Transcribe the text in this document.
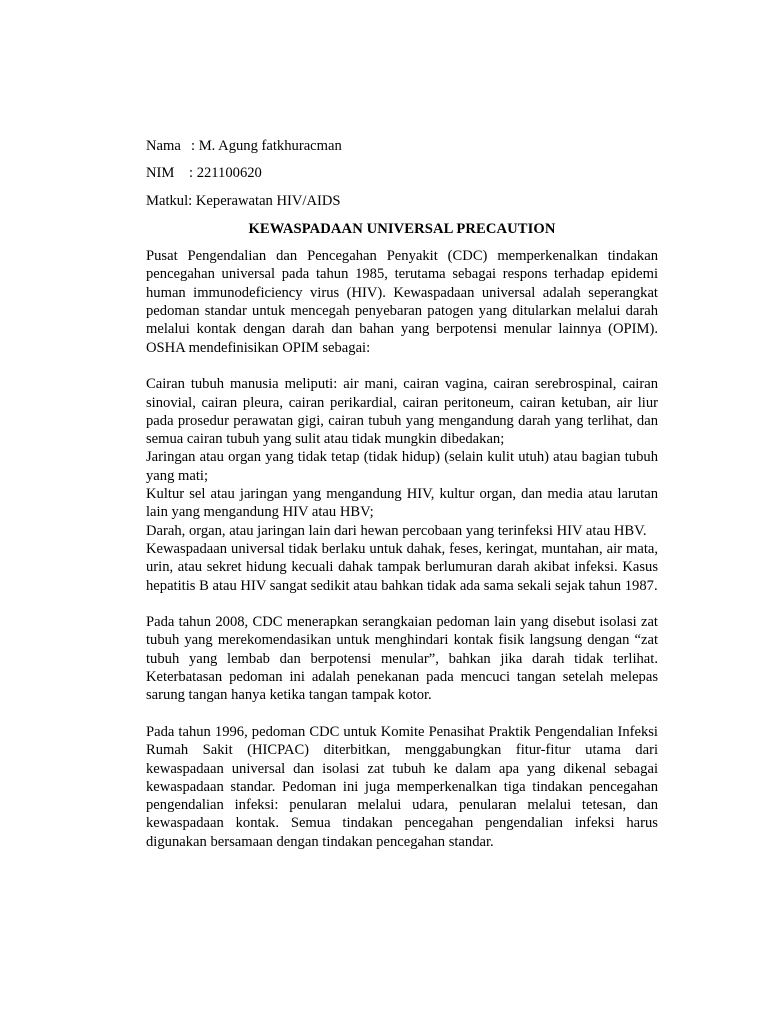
Nama : M. Agung fatkhuracman
NIM	: 221100620
Matkul : Keperawatan HIV/AIDS
KEWASPADAAN UNIVERSAL PRECAUTION

Pusat Pengendalian dan Pencegahan Penyakit (CDC) memperkenalkan tindakan pencegahan universal pada tahun 1985, terutama sebagai respons terhadap epidemi human immunodeficiency virus (HIV). Kewaspadaan universal adalah seperangkat pedoman standar untuk mencegah penyebaran patogen yang ditularkan melalui darah melalui kontak dengan darah dan bahan yang berpotensi menular lainnya (OPIM). OSHA mendefinisikan OPIM sebagai:

Cairan tubuh manusia meliputi: air mani, cairan vagina, cairan serebrospinal, cairan sinovial, cairan pleura, cairan perikardial, cairan peritoneum, cairan ketuban, air liur pada prosedur perawatan gigi, cairan tubuh yang mengandung darah yang terlihat, dan semua cairan tubuh yang sulit atau tidak mungkin dibedakan;

Jaringan atau organ yang tidak tetap (tidak hidup) (selain kulit utuh) atau bagian tubuh yang mati;

Kultur sel atau jaringan yang mengandung HIV, kultur organ, dan media atau larutan lain yang mengandung HIV atau HBV;

Darah, organ, atau jaringan lain dari hewan percobaan yang terinfeksi HIV atau HBV.

Kewaspadaan universal tidak berlaku untuk dahak, feses, keringat, muntahan, air mata, urin, atau sekret hidung kecuali dahak tampak berlumuran darah akibat infeksi. Kasus hepatitis B atau HIV sangat sedikit atau bahkan tidak ada sama sekali sejak tahun 1987.

Pada tahun 2008, CDC menerapkan serangkaian pedoman lain yang disebut isolasi zat tubuh yang merekomendasikan untuk menghindari kontak fisik langsung dengan “zat tubuh yang lembab dan berpotensi menular”, bahkan jika darah tidak terlihat. Keterbatasan pedoman ini adalah penekanan pada mencuci tangan setelah melepas sarung tangan hanya ketika tangan tampak kotor.

Pada tahun 1996, pedoman CDC untuk Komite Penasihat Praktik Pengendalian Infeksi Rumah Sakit (HICPAC) diterbitkan, menggabungkan fitur-fitur utama dari kewaspadaan universal dan isolasi zat tubuh ke dalam apa yang dikenal sebagai kewaspadaan standar. Pedoman ini juga memperkenalkan tiga tindakan pencegahan pengendalian infeksi: penularan melalui udara, penularan melalui tetesan, dan kewaspadaan kontak. Semua tindakan pencegahan pengendalian infeksi harus digunakan bersamaan dengan tindakan pencegahan standar.
